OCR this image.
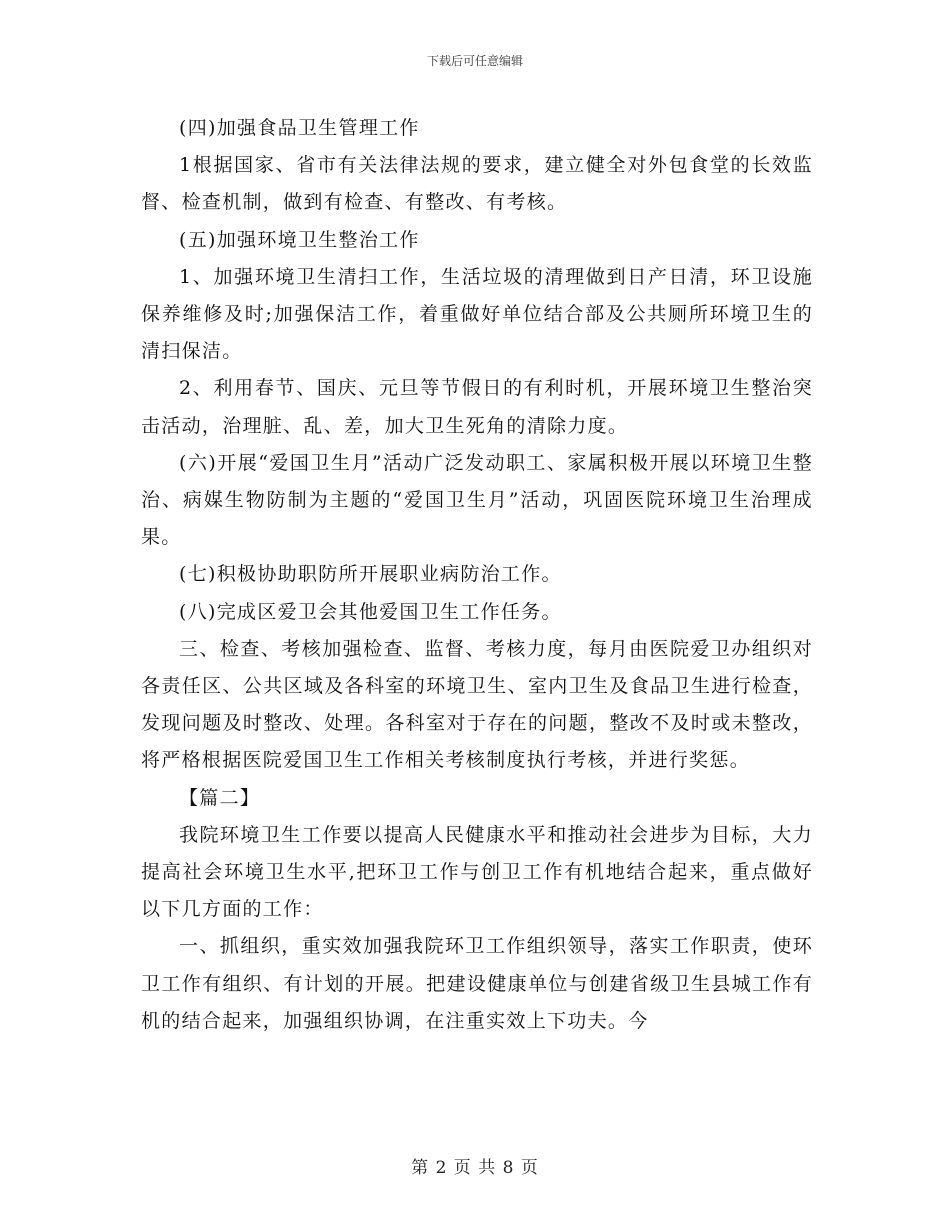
下载后可任意编辑

(四)加强食品卫生管理工作

1根据国家、省市有关法律法规的要求，建立健全对外包食堂的长效监督、检查机制，做到有检查、有整改、有考核。

(五)加强环境卫生整治工作

1、加强环境卫生清扫工作，生活垃圾的清理做到日产日清，环卫设施保养维修及时;加强保洁工作，着重做好单位结合部及公共厕所环境卫生的清扫保洁。

2、利用春节、国庆、元旦等节假日的有利时机，开展环境卫生整治突击活动，治理脏、乱、差，加大卫生死角的清除力度。

(六)开展“爱国卫生月”活动广泛发动职工、家属积极开展以环境卫生整治、病媒生物防制为主题的“爱国卫生月”活动，巩固医院环境卫生治理成果。

(七)积极协助职防所开展职业病防治工作。

(八)完成区爱卫会其他爱国卫生工作任务。

三、检查、考核加强检查、监督、考核力度，每月由医院爱卫办组织对各责任区、公共区域及各科室的环境卫生、室内卫生及食品卫生进行检查，发现问题及时整改、处理。各科室对于存在的问题，整改不及时或未整改，将严格根据医院爱国卫生工作相关考核制度执行考核，并进行奖惩。

【篇二】

我院环境卫生工作要以提高人民健康水平和推动社会进步为目标，大力提高社会环境卫生水平,把环卫工作与创卫工作有机地结合起来，重点做好以下几方面的工作：

一、抓组织，重实效加强我院环卫工作组织领导，落实工作职责，使环卫工作有组织、有计划的开展。把建设健康单位与创建省级卫生县城工作有机的结合起来，加强组织协调，在注重实效上下功夫。今

第 2 页 共 8 页
